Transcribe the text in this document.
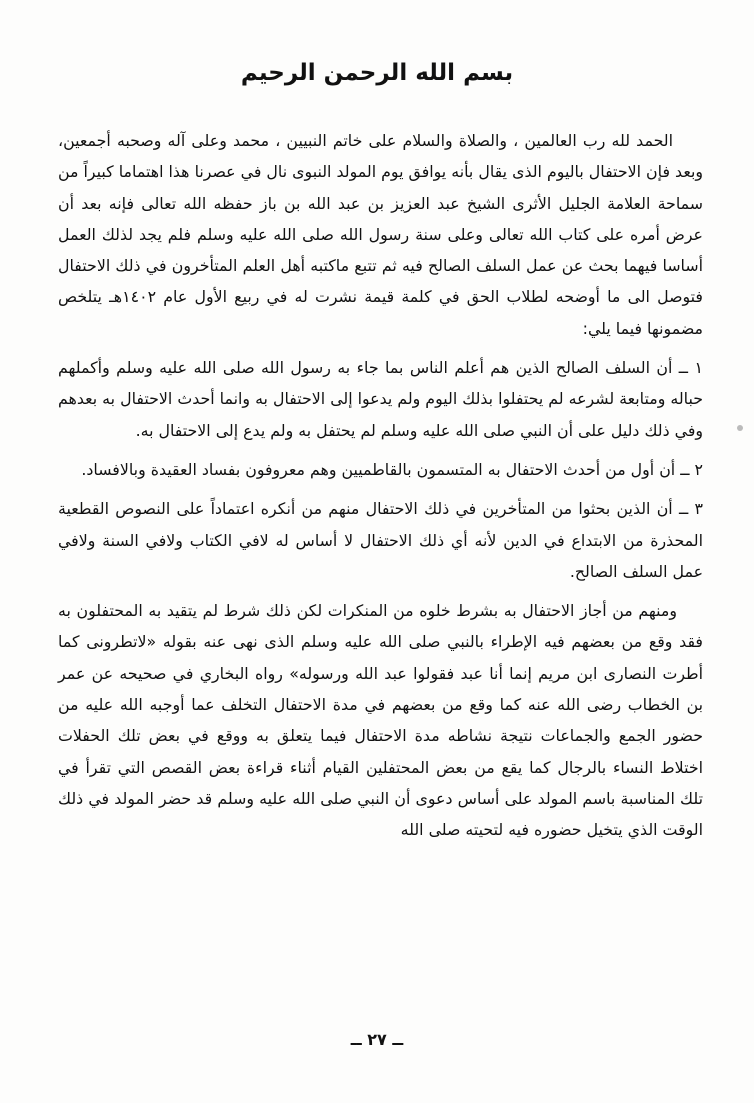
بسم الله الرحمن الرحيم

الحمد لله رب العالمين ، والصلاة والسلام على خاتم النبيين ، محمد وعلى آله وصحبه أجمعين، وبعد فإن الاحتفال باليوم الذى يقال بأنه يوافق يوم المولد النبوى نال في عصرنا هذا اهتماما كبيراً من سماحة العلامة الجليل الأثرى الشيخ عبد العزيز بن عبد الله بن باز حفظه الله تعالى فإنه بعد أن عرض أمره على كتاب الله تعالى وعلى سنة رسول الله صلى الله عليه وسلم فلم يجد لذلك العمل أساسا فيهما بحث عن عمل السلف الصالح فيه ثم تتبع ماكتبه أهل العلم المتأخرون في ذلك الاحتفال فتوصل الى ما أوضحه لطلاب الحق في كلمة قيمة نشرت له في ربيع الأول عام ١٤٠٢هـ يتلخص مضمونها فيما يلي:

١ ــ أن السلف الصالح الذين هم أعلم الناس بما جاء به رسول الله صلى الله عليه وسلم وأكملهم حباله ومتابعة لشرعه لم يحتفلوا بذلك اليوم ولم يدعوا إلى الاحتفال به وانما أحدث الاحتفال به بعدهم وفي ذلك دليل على أن النبي صلى الله عليه وسلم لم يحتفل به ولم يدع إلى الاحتفال به.

٢ ــ أن أول من أحدث الاحتفال به المتسمون بالقاطميين وهم معروفون بفساد العقيدة وبالافساد.

٣ ــ أن الذين بحثوا من المتأخرين في ذلك الاحتفال منهم من أنكره اعتماداً على النصوص القطعية المحذرة من الابتداع في الدين لأنه أي ذلك الاحتفال لا أساس له لافي الكتاب ولافي السنة ولافي عمل السلف الصالح.

ومنهم من أجاز الاحتفال به بشرط خلوه من المنكرات لكن ذلك شرط لم يتقيد به المحتفلون به فقد وقع من بعضهم فيه الإطراء بالنبي صلى الله عليه وسلم الذى نهى عنه بقوله «لاتطرونى كما أطرت النصارى ابن مريم إنما أنا عبد فقولوا عبد الله ورسوله» رواه البخاري في صحيحه عن عمر بن الخطاب رضى الله عنه كما وقع من بعضهم في مدة الاحتفال التخلف عما أوجبه الله عليه من حضور الجمع والجماعات نتيجة نشاطه مدة الاحتفال فيما يتعلق به ووقع في بعض تلك الحفلات اختلاط النساء بالرجال كما يقع من بعض المحتفلين القيام أثناء قراءة بعض القصص التي تقرأ في تلك المناسبة باسم المولد على أساس دعوى أن النبي صلى الله عليه وسلم قد حضر المولد في ذلك الوقت الذي يتخيل حضوره فيه لتحيته صلى الله

ــ ٢٧ ــ
